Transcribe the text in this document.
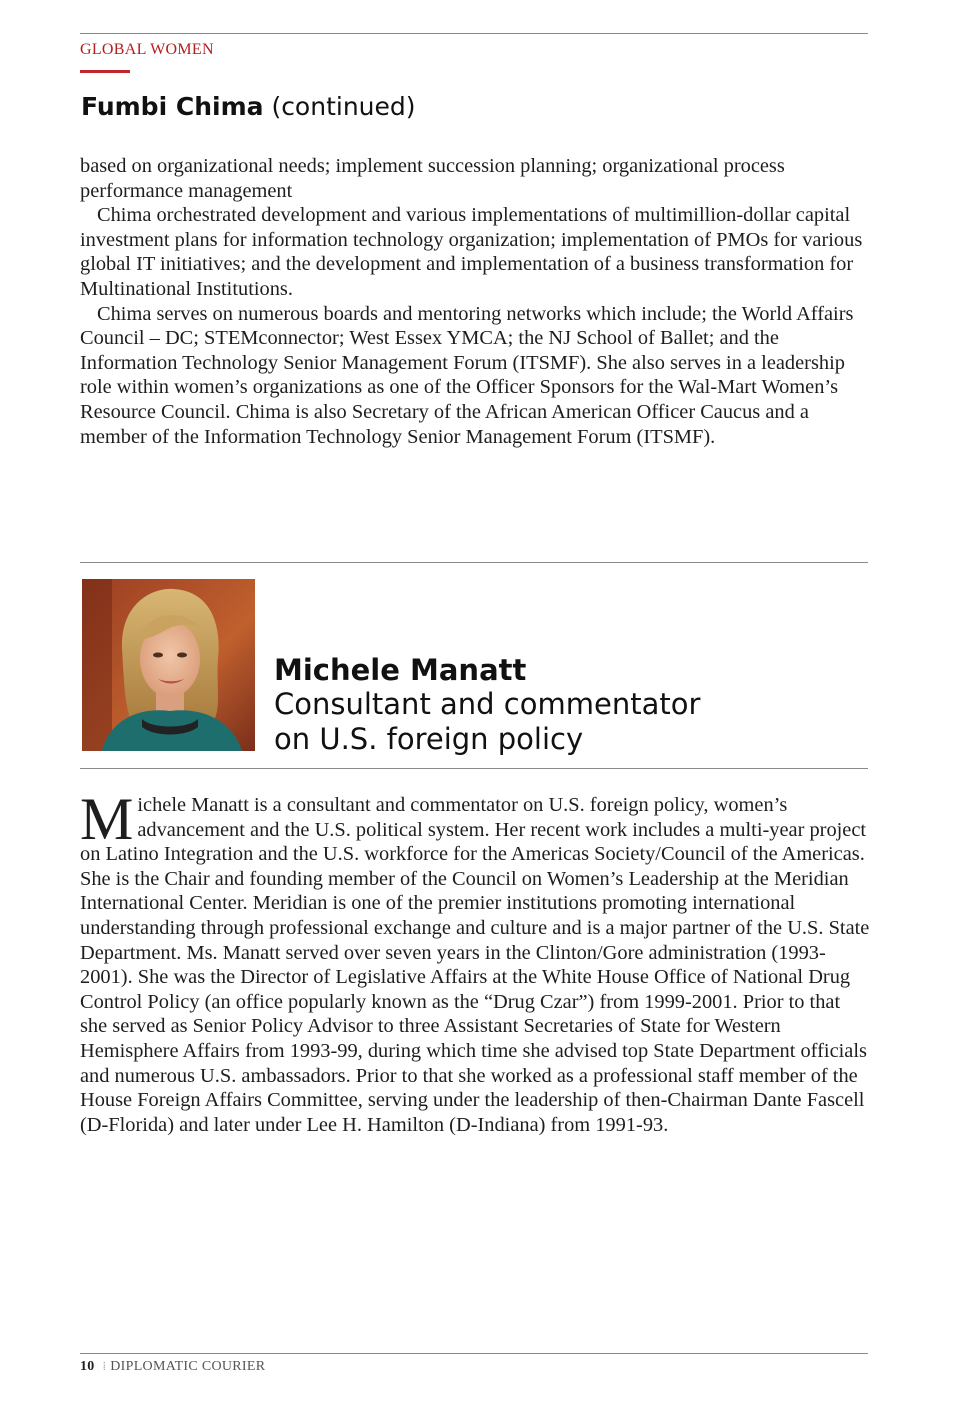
GLOBAL WOMEN
Fumbi Chima (continued)

based on organizational needs; implement succession planning; organizational process performance management

Chima orchestrated development and various implementations of multimillion-dollar capital investment plans for information technology organization; implementation of PMOs for various global IT initiatives; and the development and implementation of a business transformation for Multinational Institutions.

Chima serves on numerous boards and mentoring networks which include; the World Affairs Council – DC; STEMconnector; West Essex YMCA; the NJ School of Ballet; and the Information Technology Senior Management Forum (ITSMF). She also serves in a leadership role within women’s organizations as one of the Officer Sponsors for the Wal-Mart Women’s Resource Council. Chima is also Secretary of the African American Officer Caucus and a member of the Information Technology Senior Management Forum (ITSMF).

Michele Manatt
Consultant and commentator
on U.S. foreign policy
M ichele Manatt is a consultant and commentator on U.S. foreign policy, women’s advancement and the U.S. political system. Her recent work includes a multi-year project on Latino Integration and the U.S. workforce for the Americas Society/Council of the Americas. She is the Chair and founding member of the Council on Women’s Leadership at the Meridian International Center. Meridian is one of the premier institutions promoting international understanding through professional exchange and culture and is a major partner of the U.S. State Department. Ms. Manatt served over seven years in the Clinton/Gore administration (1993-2001). She was the Director of Legislative Affairs at the White House Office of National Drug Control Policy (an office popularly known as the “Drug Czar”) from 1999-2001. Prior to that she served as Senior Policy Advisor to three Assistant Secretaries of State for Western Hemisphere Affairs from 1993-99, during which time she advised top State Department officials and numerous U.S. ambassadors. Prior to that she worked as a professional staff member of the House Foreign Affairs Committee, serving under the leadership of then-Chairman Dante Fascell (D-Florida) and later under Lee H. Hamilton (D-Indiana) from 1991-93.

10 ⁞ DIPLOMATIC COURIER
